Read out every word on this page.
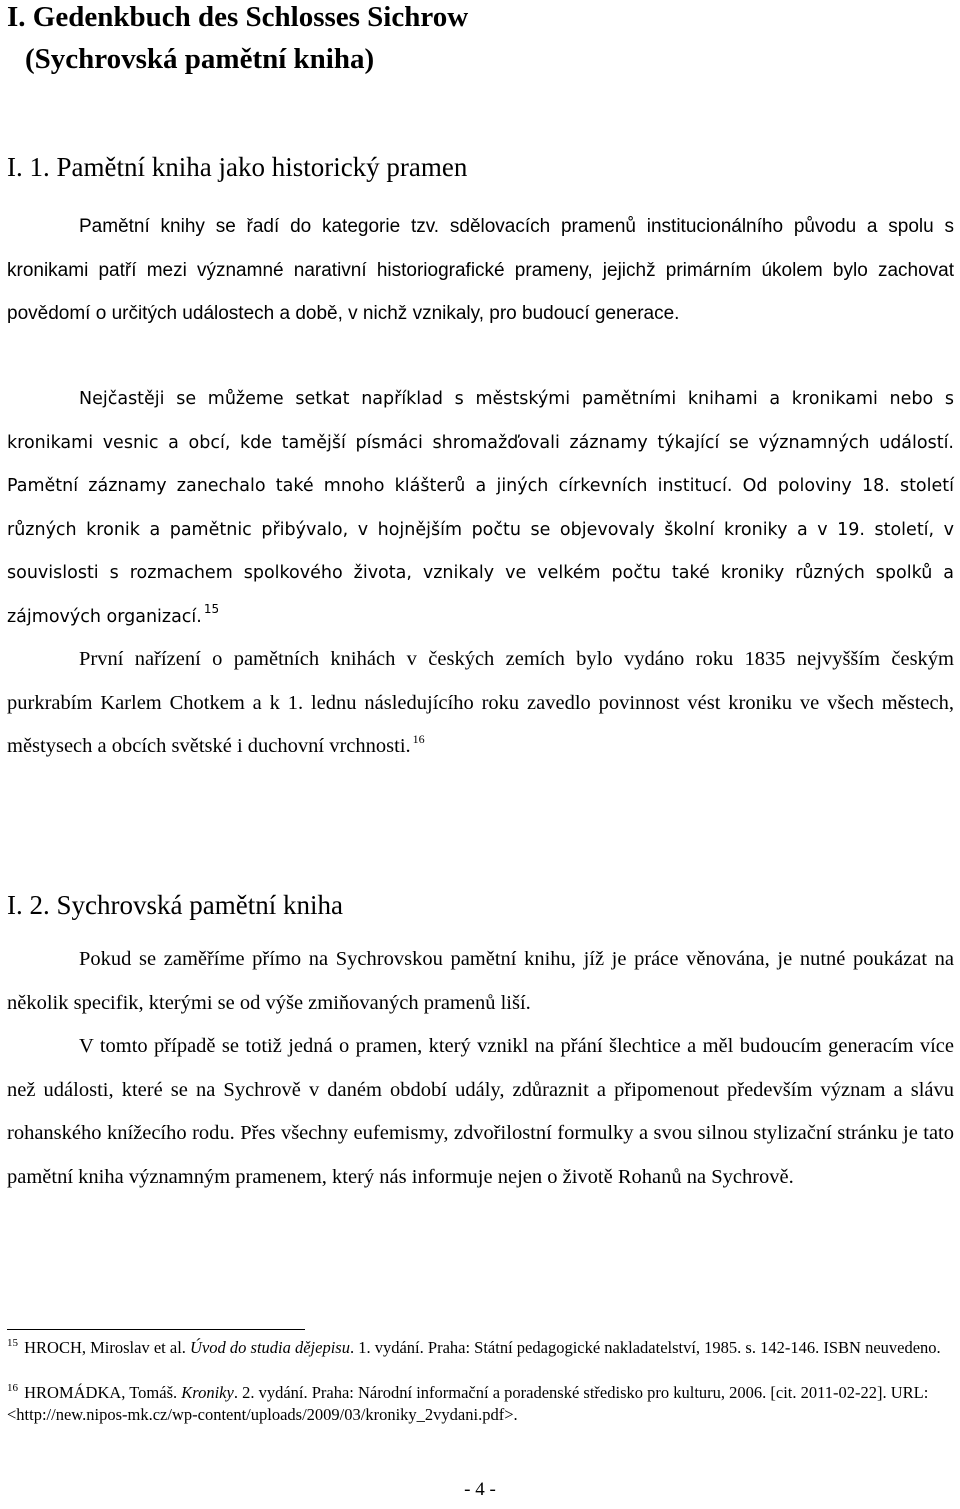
I. Gedenkbuch des Schlosses Sichrow
(Sychrovská pamětní kniha)
I. 1. Pamětní kniha jako historický pramen

Pamětní knihy se řadí do kategorie tzv. sdělovacích pramenů institucionálního původu a spolu s kronikami patří mezi významné narativní historiografické prameny, jejichž primárním úkolem bylo zachovat povědomí o určitých událostech a době, v nichž vznikaly, pro budoucí generace.

Nejčastěji se můžeme setkat například s městskými pamětními knihami a kronikami nebo s kronikami vesnic a obcí, kde tamější písmáci shromažďovali záznamy týkající se významných událostí. Pamětní záznamy zanechalo také mnoho klášterů a jiných církevních institucí. Od poloviny 18. století různých kronik a pamětnic přibývalo, v hojnějším počtu se objevovaly školní kroniky a v 19. století, v souvislosti s rozmachem spolkového života, vznikaly ve velkém počtu také kroniky různých spolků a zájmových organizací. $^{15}$

První nařízení o pamětních knihách v českých zemích bylo vydáno roku 1835 nejvyšším českým purkrabím Karlem Chotkem a k 1. lednu následujícího roku zavedlo povinnost vést kroniku ve všech městech, městysech a obcích světské i duchovní vrchnosti. $^{16}$

I. 2. Sychrovská pamětní kniha

Pokud se zaměříme přímo na Sychrovskou pamětní knihu, jíž je práce věnována, je nutné poukázat na několik specifik, kterými se od výše zmiňovaných pramenů liší.

V tomto případě se totiž jedná o pramen, který vznikl na přání šlechtice a měl budoucím generacím více než události, které se na Sychrově v daném období udály, zdůraznit a připomenout především význam a slávu rohanského knížecího rodu. Přes všechny eufemismy, zdvořilostní formulky a svou silnou stylizační stránku je tato pamětní kniha významným pramenem, který nás informuje nejen o životě Rohanů na Sychrově.

$^{15}$ HROCH, Miroslav et al. Úvod do studia dějepisu. 1. vydání. Praha: Státní pedagogické nakladatelství, 1985. s. 142-146. ISBN neuvedeno.

$^{16}$ HROMÁDKA, Tomáš. Kroniky. 2. vydání. Praha: Národní informační a poradenské středisko pro kulturu, 2006. [cit. 2011-02-22]. URL: <http://new.nipos-mk.cz/wp-content/uploads/2009/03/kroniky_2vydani.pdf>.

- 4 -
